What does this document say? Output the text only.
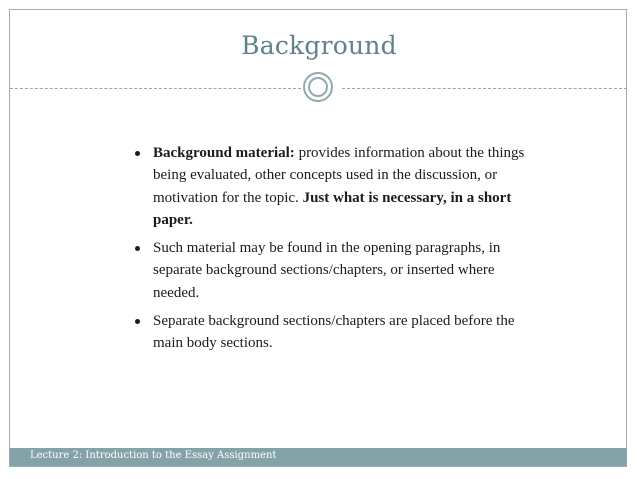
Background
Background material: provides information about the things being evaluated, other concepts used in the discussion, or motivation for the topic. Just what is necessary, in a short paper.
Such material may be found in the opening paragraphs, in separate background sections/chapters, or inserted where needed.
Separate background sections/chapters are placed before the main body sections.
Lecture 2: Introduction to the Essay Assignment
